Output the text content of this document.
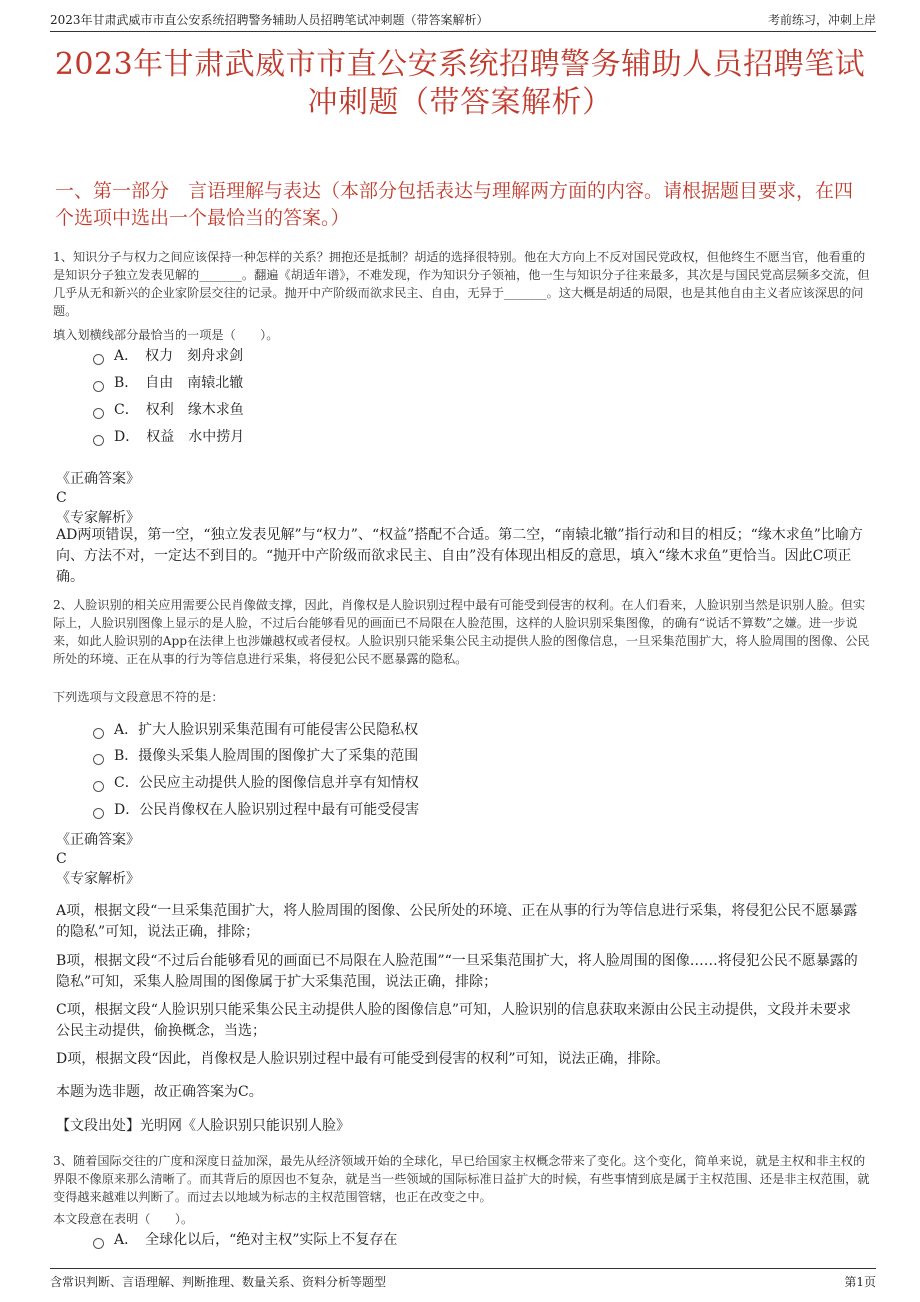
2023年甘肃武威市市直公安系统招聘警务辅助人员招聘笔试冲刺题（带答案解析）	考前练习，冲刺上岸
2023年甘肃武威市市直公安系统招聘警务辅助人员招聘笔试冲刺题（带答案解析）
一、第一部分　言语理解与表达（本部分包括表达与理解两方面的内容。请根据题目要求，在四个选项中选出一个最恰当的答案。）
1、知识分子与权力之间应该保持一种怎样的关系？拥抱还是抵制？胡适的选择很特别。他在大方向上不反对国民党政权，但他终生不愿当官，他看重的是知识分子独立发表见解的_______。翻遍《胡适年谱》，不难发现，作为知识分子领袖，他一生与知识分子往来最多，其次是与国民党高层频多交流，但几乎从无和新兴的企业家阶层交往的记录。抛开中产阶级而欲求民主、自由，无异于_______。这大概是胡适的局限，也是其他自由主义者应该深思的问题。
填入划横线部分最恰当的一项是（　　）。
A．　权力　刻舟求剑
B．　自由　南辕北辙
C．　权利　缘木求鱼
D．　权益　水中捞月
《正确答案》
C
《专家解析》
AD两项错误，第一空，“独立发表见解”与“权力”、“权益”搭配不合适。第二空，“南辕北辙”指行动和目的相反；“缘木求鱼”比喻方向、方法不对，一定达不到目的。“抛开中产阶级而欲求民主、自由”没有体现出相反的意思，填入“缘木求鱼”更恰当。因此C项正确。
2、人脸识别的相关应用需要公民肖像做支撑，因此，肖像权是人脸识别过程中最有可能受到侵害的权利。在人们看来，人脸识别当然是识别人脸。但实际上，人脸识别图像上显示的是人脸，不过后台能够看见的画面已不局限在人脸范围，这样的人脸识别采集图像，的确有“说话不算数”之嫌。进一步说来，如此人脸识别的App在法律上也涉嫌越权或者侵权。人脸识别只能采集公民主动提供人脸的图像信息，一旦采集范围扩大，将人脸周围的图像、公民所处的环境、正在从事的行为等信息进行采集，将侵犯公民不愿暴露的隐私。
下列选项与文段意思不符的是：
A．扩大人脸识别采集范围有可能侵害公民隐私权
B．摄像头采集人脸周围的图像扩大了采集的范围
C．公民应主动提供人脸的图像信息并享有知情权
D．公民肖像权在人脸识别过程中最有可能受侵害
《正确答案》
C
《专家解析》
A项，根据文段“一旦采集范围扩大，将人脸周围的图像、公民所处的环境、正在从事的行为等信息进行采集，将侵犯公民不愿暴露的隐私”可知，说法正确，排除；
B项，根据文段“不过后台能够看见的画面已不局限在人脸范围”“一旦采集范围扩大，将人脸周围的图像……将侵犯公民不愿暴露的隐私”可知，采集人脸周围的图像属于扩大采集范围，说法正确，排除；
C项，根据文段“人脸识别只能采集公民主动提供人脸的图像信息”可知，人脸识别的信息获取来源由公民主动提供，文段并未要求公民主动提供，偷换概念，当选；
D项，根据文段“因此，肖像权是人脸识别过程中最有可能受到侵害的权利”可知，说法正确，排除。
本题为选非题，故正确答案为C。
【文段出处】光明网《人脸识别只能识别人脸》
3、随着国际交往的广度和深度日益加深，最先从经济领域开始的全球化，早已给国家主权概念带来了变化。这个变化，简单来说，就是主权和非主权的界限不像原来那么清晰了。而其背后的原因也不复杂，就是当一些领域的国际标准日益扩大的时候，有些事情到底是属于主权范围、还是非主权范围，就变得越来越难以判断了。而过去以地域为标志的主权范围管辖，也正在改变之中。
本文段意在表明（　　）。
A．　全球化以后，“绝对主权”实际上不复存在
含常识判断、言语理解、判断推理、数量关系、资料分析等题型	第1页
